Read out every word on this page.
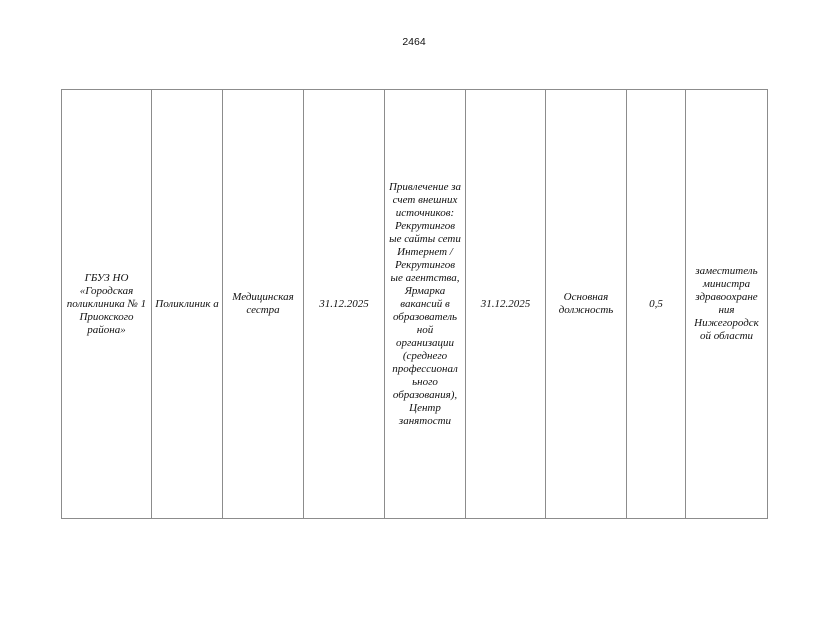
2464
ГБУЗ НО «Городская поликлиника № 1 Приокского района»	Поликлиник а	Медицинская сестра	31.12.2025	Привлечение за счет внешних источников: Рекрутингов ые сайты сети Интернет / Рекрутингов ые агентства, Ярмарка вакансий в образователь ной организации (среднего профессионал ьного образования), Центр занятости	31.12.2025	Основная должность	0,5	заместитель министра здравоохране ния Нижегородск ой области
